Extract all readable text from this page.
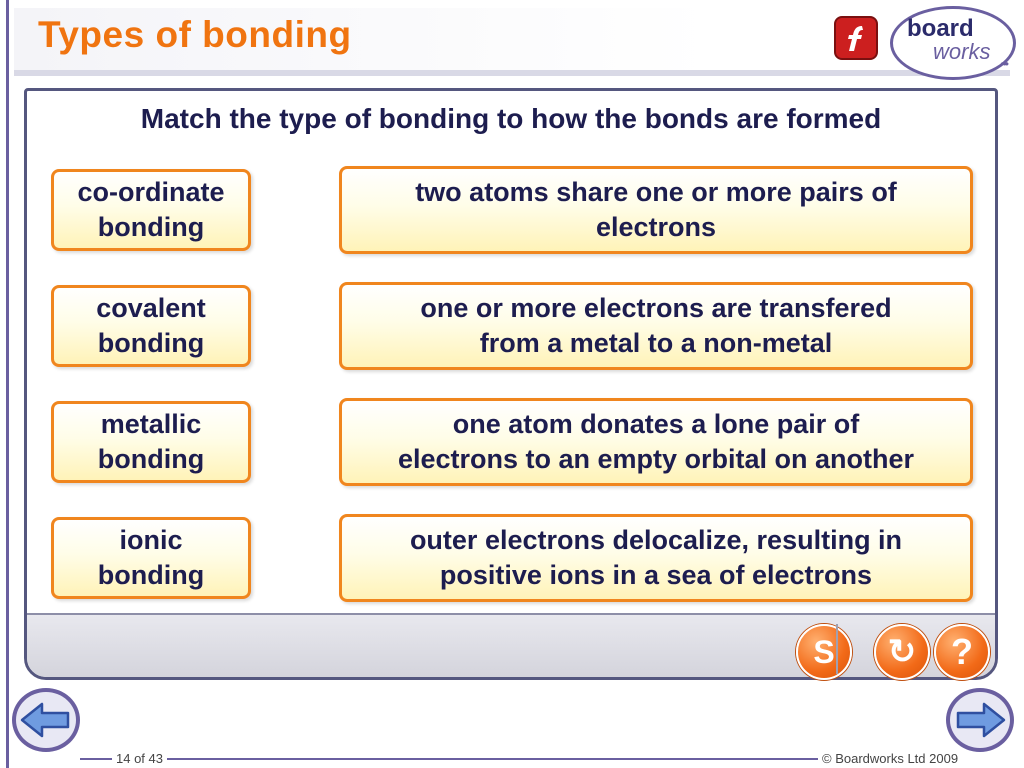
Types of bonding	board
works •••
Match the type of bonding to how the bonds are formed
co-ordinate
bonding
covalent
bonding
metallic
bonding
ionic
bonding
two atoms share one or more pairs of
electrons
one or more electrons are transfered
from a metal to a non-metal
one atom donates a lone pair of
electrons to an empty orbital on another
outer electrons delocalize, resulting in
positive ions in a sea of electrons
S	↻ ?
14 of 43	© Boardworks Ltd 2009
